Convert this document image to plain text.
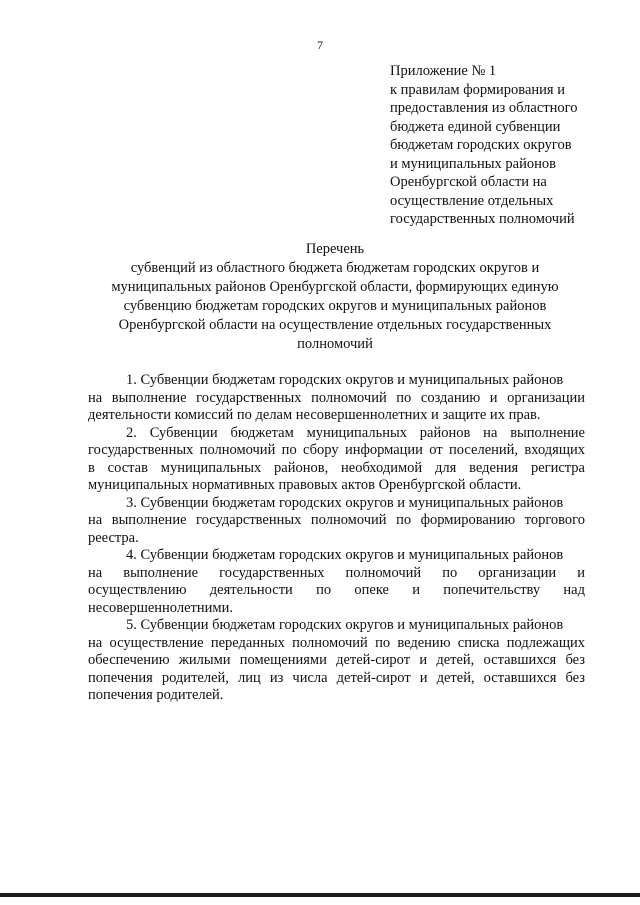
7
Приложение № 1
к правилам формирования и
предоставления из областного
бюджета единой субвенции
бюджетам городских округов
и муниципальных районов
Оренбургской области на
осуществление отдельных
государственных полномочий
Перечень
субвенций из областного бюджета бюджетам городских округов и
муниципальных районов Оренбургской области, формирующих единую
субвенцию бюджетам городских округов и муниципальных районов
Оренбургской области на осуществление отдельных государственных
полномочий
1. Субвенции бюджетам городских округов и муниципальных районов
на выполнение государственных полномочий по созданию и организации
деятельности комиссий по делам несовершеннолетних и защите их прав.
2. Субвенции бюджетам муниципальных районов на выполнение
государственных полномочий по сбору информации от поселений, входящих
в состав муниципальных районов, необходимой для ведения регистра
муниципальных нормативных правовых актов Оренбургской области.
3. Субвенции бюджетам городских округов и муниципальных районов
на выполнение государственных полномочий по формированию торгового
реестра.
4. Субвенции бюджетам городских округов и муниципальных районов
на выполнение государственных полномочий по организации и
осуществлению деятельности по опеке и попечительству над
несовершеннолетними.
5. Субвенции бюджетам городских округов и муниципальных районов
на осуществление переданных полномочий по ведению списка подлежащих
обеспечению жилыми помещениями детей-сирот и детей, оставшихся без
попечения родителей, лиц из числа детей-сирот и детей, оставшихся без
попечения родителей.
